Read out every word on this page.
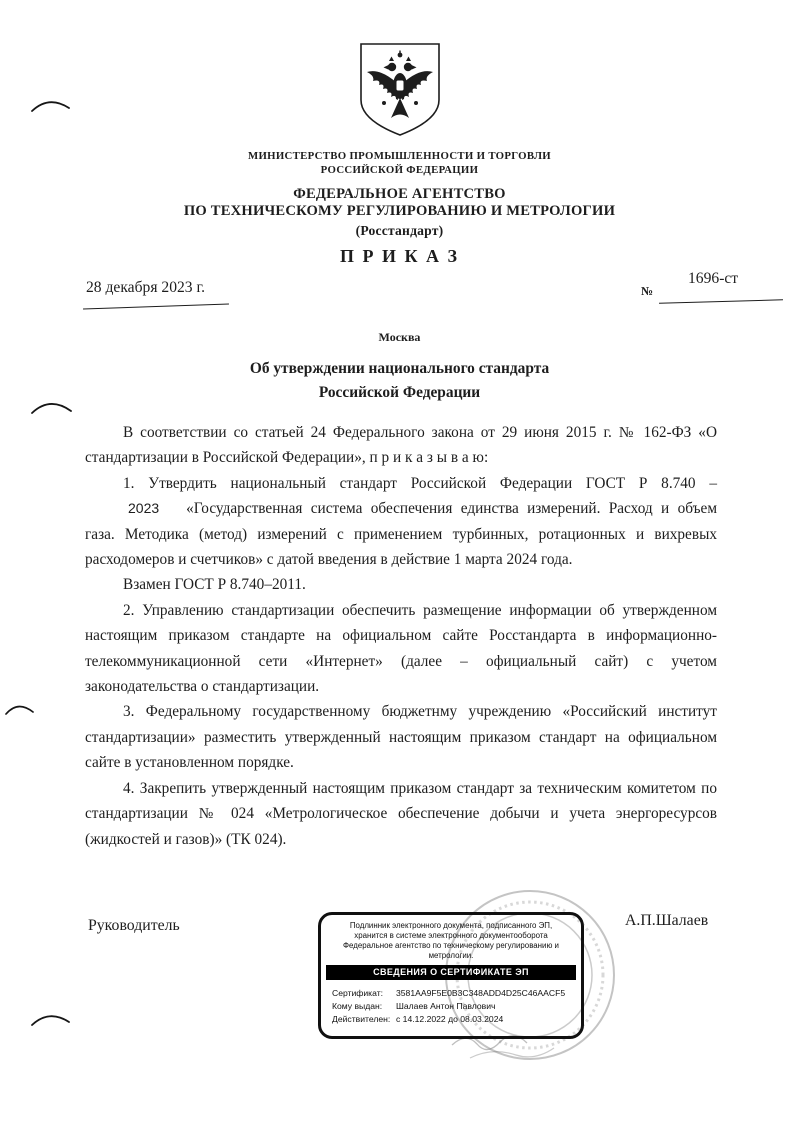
МИНИСТЕРСТВО ПРОМЫШЛЕННОСТИ И ТОРГОВЛИ
РОССИЙСКОЙ ФЕДЕРАЦИИ
ФЕДЕРАЛЬНОЕ АГЕНТСТВО
ПО ТЕХНИЧЕСКОМУ РЕГУЛИРОВАНИЮ И МЕТРОЛОГИИ
(Росстандарт)
П Р И К А З
28 декабря 2023 г.	№
1696-ст
Москва
Об утверждении национального стандарта
Российской Федерации

В соответствии со статьей 24 Федерального закона от 29 июня 2015 г. № 162-ФЗ «О стандартизации в Российской Федерации», п р и к а з ы в а ю:

1. Утвердить национальный стандарт Российской Федерации ГОСТ Р 8.740 –2023 «Государственная система обеспечения единства измерений. Расход и объем газа. Методика (метод) измерений с применением турбинных, ротационных и вихревых расходомеров и счетчиков» с датой введения в действие 1 марта 2024 года.

Взамен ГОСТ Р 8.740–2011.

2. Управлению стандартизации обеспечить размещение информации об утвержденном настоящим приказом стандарте на официальном сайте Росстандарта в информационно-телекоммуникационной сети «Интернет» (далее – официальный сайт) с учетом законодательства о стандартизации.

3. Федеральному государственному бюджетнму учреждению «Российский институт стандартизации» разместить утвержденный настоящим приказом стандарт на официальном сайте в установленном порядке.

4. Закрепить утвержденный настоящим приказом стандарт за техническим комитетом по стандартизации № 024 «Метрологическое обеспечение добычи и учета энергоресурсов (жидкостей и газов)» (ТК 024).

Руководитель	А.П.Шалаев
Подлинник электронного документа, подписанного ЭП, хранится в системе электронного документооборота Федеральное агентство по техническому регулированию и метрологии.
СВЕДЕНИЯ О СЕРТИФИКАТЕ ЭП
Сертификат: 3581AA9F5E0B3C348ADD4D25C46AACF5
Кому выдан: Шалаев Антон Павлович
Действителен: с 14.12.2022 до 08.03.2024
